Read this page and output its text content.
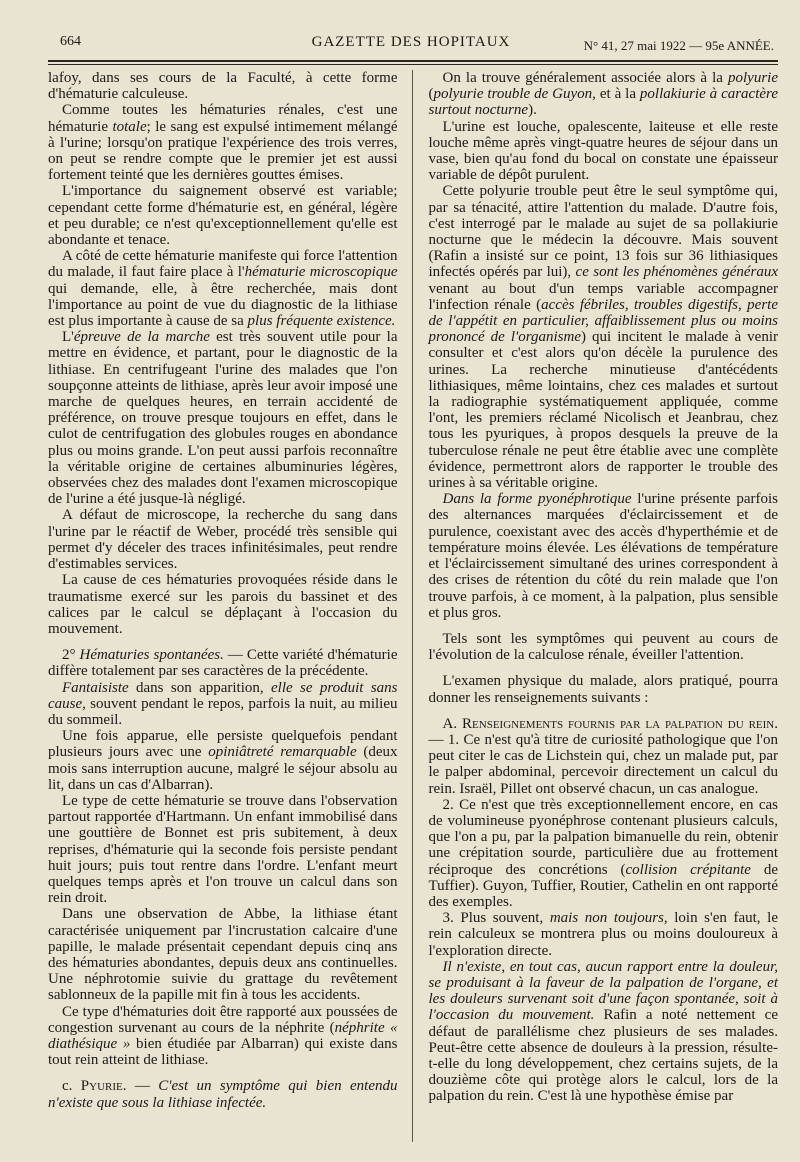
664	GAZETTE DES HOPITAUX	N° 41, 27 mai 1922 — 95e ANNÉE.

lafoy, dans ses cours de la Faculté, à cette forme d'hématurie calculeuse.

Comme toutes les hématuries rénales, c'est une hématurie totale; le sang est expulsé intimement mélangé à l'urine; lorsqu'on pratique l'expérience des trois verres, on peut se rendre compte que le premier jet est aussi fortement teinté que les dernières gouttes émises.

L'importance du saignement observé est variable; cependant cette forme d'hématurie est, en général, légère et peu durable; ce n'est qu'exceptionnellement qu'elle est abondante et tenace.

A côté de cette hématurie manifeste qui force l'attention du malade, il faut faire place à l'hématurie microscopique qui demande, elle, à être recherchée, mais dont l'importance au point de vue du diagnostic de la lithiase est plus importante à cause de sa plus fréquente existence.

L'épreuve de la marche est très souvent utile pour la mettre en évidence, et partant, pour le diagnostic de la lithiase. En centrifugeant l'urine des malades que l'on soupçonne atteints de lithiase, après leur avoir imposé une marche de quelques heures, en terrain accidenté de préférence, on trouve presque toujours en effet, dans le culot de centrifugation des globules rouges en abondance plus ou moins grande. L'on peut aussi parfois reconnaître la véritable origine de certaines albuminuries légères, observées chez des malades dont l'examen microscopique de l'urine a été jusque-là négligé.

A défaut de microscope, la recherche du sang dans l'urine par le réactif de Weber, procédé très sensible qui permet d'y déceler des traces infinitésimales, peut rendre d'estimables services.

La cause de ces hématuries provoquées réside dans le traumatisme exercé sur les parois du bassinet et des calices par le calcul se déplaçant à l'occasion du mouvement.

2° Hématuries spontanées. — Cette variété d'hématurie diffère totalement par ses caractères de la précédente.

Fantaisiste dans son apparition, elle se produit sans cause, souvent pendant le repos, parfois la nuit, au milieu du sommeil.

Une fois apparue, elle persiste quelquefois pendant plusieurs jours avec une opiniâtreté remarquable (deux mois sans interruption aucune, malgré le séjour absolu au lit, dans un cas d'Albarran).

Le type de cette hématurie se trouve dans l'observation partout rapportée d'Hartmann. Un enfant immobilisé dans une gouttière de Bonnet est pris subitement, à deux reprises, d'hématurie qui la seconde fois persiste pendant huit jours; puis tout rentre dans l'ordre. L'enfant meurt quelques temps après et l'on trouve un calcul dans son rein droit.

Dans une observation de Abbe, la lithiase étant caractérisée uniquement par l'incrustation calcaire d'une papille, le malade présentait cependant depuis cinq ans des hématuries abondantes, depuis deux ans continuelles. Une néphrotomie suivie du grattage du revêtement sablonneux de la papille mit fin à tous les accidents.

Ce type d'hématuries doit être rapporté aux poussées de congestion survenant au cours de la néphrite (néphrite « diathésique » bien étudiée par Albarran) qui existe dans tout rein atteint de lithiase.

c. Pyurie. — C'est un symptôme qui bien entendu n'existe que sous la lithiase infectée.

On la trouve généralement associée alors à la polyurie (polyurie trouble de Guyon, et à la pollakiurie à caractère surtout nocturne).

L'urine est louche, opalescente, laiteuse et elle reste louche même après vingt-quatre heures de séjour dans un vase, bien qu'au fond du bocal on constate une épaisseur variable de dépôt purulent.

Cette polyurie trouble peut être le seul symptôme qui, par sa ténacité, attire l'attention du malade. D'autre fois, c'est interrogé par le malade au sujet de sa pollakiurie nocturne que le médecin la découvre. Mais souvent (Rafin a insisté sur ce point, 13 fois sur 36 lithiasiques infectés opérés par lui), ce sont les phénomènes généraux venant au bout d'un temps variable accompagner l'infection rénale (accès fébriles, troubles digestifs, perte de l'appétit en particulier, affaiblissement plus ou moins prononcé de l'organisme) qui incitent le malade à venir consulter et c'est alors qu'on décèle la purulence des urines. La recherche minutieuse d'antécédents lithiasiques, même lointains, chez ces malades et surtout la radiographie systématiquement appliquée, comme l'ont, les premiers réclamé Nicolisch et Jeanbrau, chez tous les pyuriques, à propos desquels la preuve de la tuberculose rénale ne peut être établie avec une complète évidence, permettront alors de rapporter le trouble des urines à sa véritable origine.

Dans la forme pyonéphrotique l'urine présente parfois des alternances marquées d'éclaircissement et de purulence, coexistant avec des accès d'hyperthémie et de température moins élevée. Les élévations de température et l'éclaircissement simultané des urines correspondent à des crises de rétention du côté du rein malade que l'on trouve parfois, à ce moment, à la palpation, plus sensible et plus gros.

Tels sont les symptômes qui peuvent au cours de l'évolution de la calculose rénale, éveiller l'attention.

L'examen physique du malade, alors pratiqué, pourra donner les renseignements suivants :

A. Renseignements fournis par la palpation du rein. — 1. Ce n'est qu'à titre de curiosité pathologique que l'on peut citer le cas de Lichstein qui, chez un malade put, par le palper abdominal, percevoir directement un calcul du rein. Israël, Pillet ont observé chacun, un cas analogue.

2. Ce n'est que très exceptionnellement encore, en cas de volumineuse pyonéphrose contenant plusieurs calculs, que l'on a pu, par la palpation bimanuelle du rein, obtenir une crépitation sourde, particulière due au frottement réciproque des concrétions (collision crépitante de Tuffier). Guyon, Tuffier, Routier, Cathelin en ont rapporté des exemples.

3. Plus souvent, mais non toujours, loin s'en faut, le rein calculeux se montrera plus ou moins douloureux à l'exploration directe.

Il n'existe, en tout cas, aucun rapport entre la douleur, se produisant à la faveur de la palpation de l'organe, et les douleurs survenant soit d'une façon spontanée, soit à l'occasion du mouvement. Rafin a noté nettement ce défaut de parallélisme chez plusieurs de ses malades. Peut-être cette absence de douleurs à la pression, résulte-t-elle du long développement, chez certains sujets, de la douzième côte qui protège alors le calcul, lors de la palpation du rein. C'est là une hypothèse émise par
